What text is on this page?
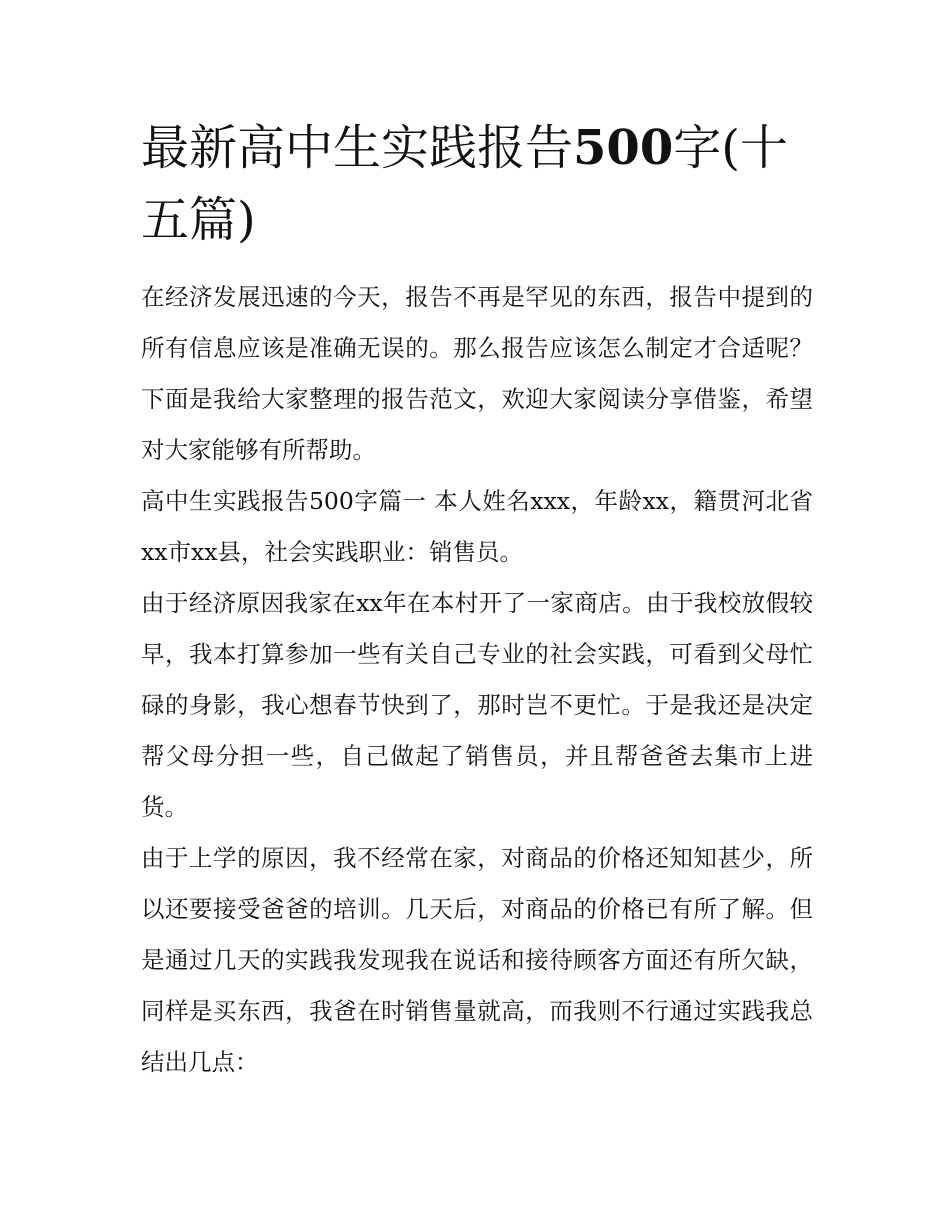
最新高中生实践报告500字(十五篇)

在经济发展迅速的今天，报告不再是罕见的东西，报告中提到的所有信息应该是准确无误的。那么报告应该怎么制定才合适呢？下面是我给大家整理的报告范文，欢迎大家阅读分享借鉴，希望对大家能够有所帮助。

高中生实践报告500字篇一 本人姓名xxx，年龄xx，籍贯河北省xx市xx县，社会实践职业：销售员。

由于经济原因我家在xx年在本村开了一家商店。由于我校放假较早，我本打算参加一些有关自己专业的社会实践，可看到父母忙碌的身影，我心想春节快到了，那时岂不更忙。于是我还是决定帮父母分担一些，自己做起了销售员，并且帮爸爸去集市上进货。

由于上学的原因，我不经常在家，对商品的价格还知知甚少，所以还要接受爸爸的培训。几天后，对商品的价格已有所了解。但是通过几天的实践我发现我在说话和接待顾客方面还有所欠缺，同样是买东西，我爸在时销售量就高，而我则不行通过实践我总结出几点：
